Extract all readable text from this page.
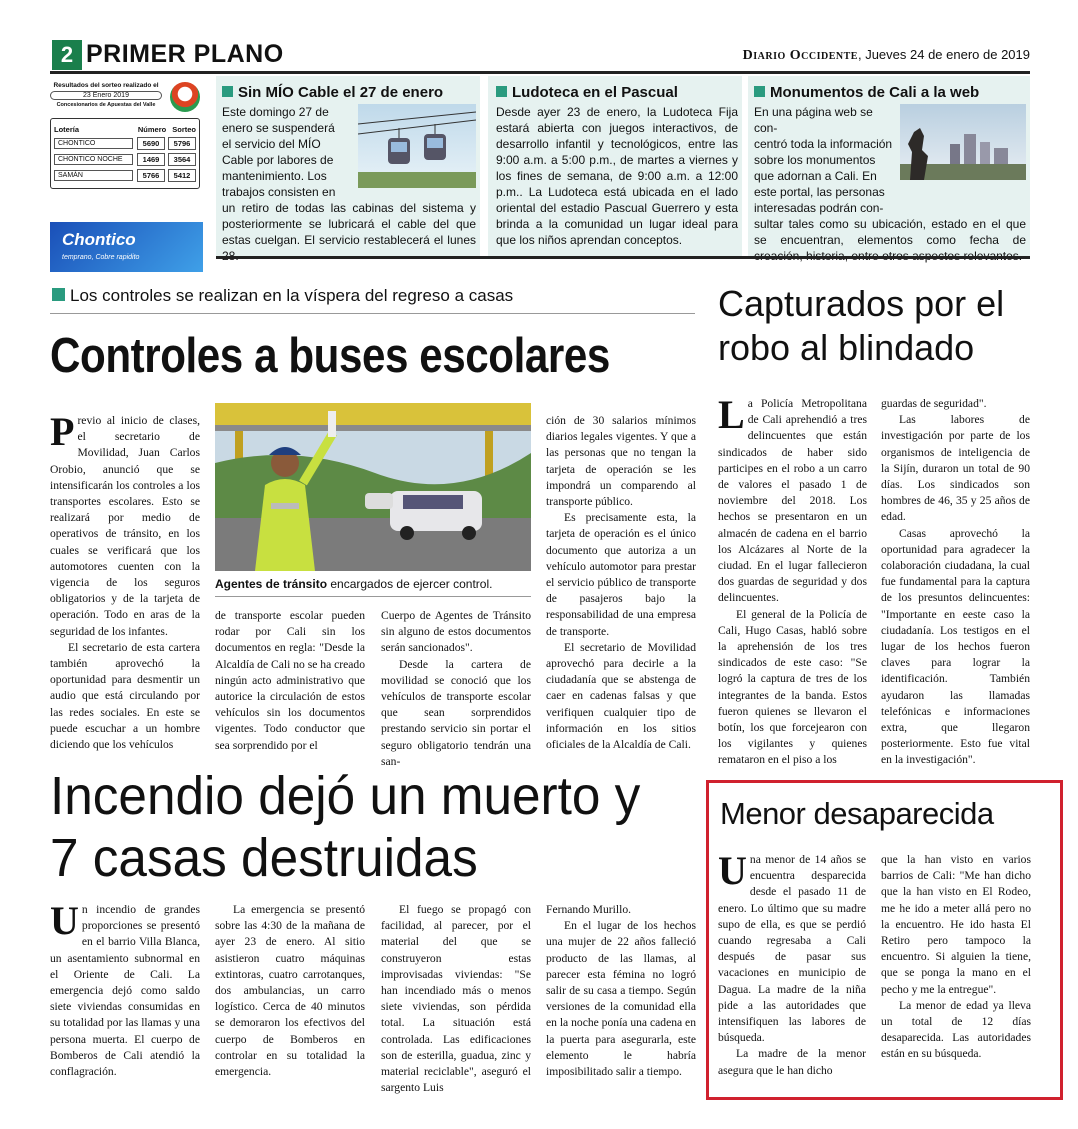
2 PRIMER PLANO	Diario Occidente, Jueves 24 de enero de 2019
Resultados del sorteo realizado el
23 Enero 2019
Concesionarios de Apuestas del Valle
Lotería	Número Sorteo
CHONTICO	5690	5796
CHONTICO NOCHE	1469	3564
SAMÁN	5766	5412
Chontico
temprano, Cobre rapidito
Sin MÍO Cable el 27 de enero

Este domingo 27 de
enero se suspenderá
el servicio del MÍO
Cable por labores de
mantenimiento. Los
trabajos consisten en

un retiro de todas las cabinas del sistema y posteriormente se lubricará el cable del que estas cuelgan. El servicio restablecerá el lunes

Ludoteca en el Pascual

Desde ayer 23 de enero, la Ludoteca Fija estará abierta con juegos interactivos, de desarrollo infantil y tecnológicos, entre las 9:00 a.m. a 5:00 p.m., de martes a viernes y los fines de semana, de 9:00 a.m. a 12:00 p.m.. La Ludoteca está ubicada en el lado oriental del estadio Pascual Guerrero y esta brinda a la comunidad un lugar ideal para que los niños aprendan conceptos.

Monumentos de Cali a la web

En una página web se con-
centró toda la información
sobre los monumentos
que adornan a Cali. En
este portal, las personas
interesadas podrán con-

sultar tales como su ubicación, estado en el que se encuentran, elementos como fecha de

Los controles se realizan en la víspera del regreso a casas
Controles a buses escolares

Previo al inicio de clases, el secretario de Movilidad, Juan Carlos Orobio, anunció que se intensificarán los controles a los transportes escolares. Esto se realizará por medio de operativos de tránsito, en los cuales se verificará que los automotores cuenten con la vigencia de los seguros obligatorios y de la tarjeta de operación. Todo en aras de la seguridad de los infantes.

El secretario de esta cartera también aprovechó la oportunidad para desmentir un audio que está circulando por las redes sociales. En este se puede escuchar a un hombre diciendo que los vehículos

Agentes de tránsito encargados de ejercer control.

de transporte escolar pueden rodar por Cali sin los documentos en regla: "Desde la Alcaldía de Cali no se ha creado ningún acto administrativo que autorice la circulación de estos vehículos sin los documentos vigentes. Todo conductor que sea sorprendido por el

Cuerpo de Agentes de Tránsito sin alguno de estos documentos serán sancionados".

Desde la cartera de movilidad se conoció que los vehículos de transporte escolar que sean sorprendidos prestando servicio sin portar el seguro obligatorio tendrán una san-

ción de 30 salarios mínimos diarios legales vigentes. Y que a las personas que no tengan la tarjeta de operación se les impondrá un comparendo al transporte público.

Es precisamente esta, la tarjeta de operación es el único documento que autoriza a un vehículo automotor para prestar el servicio público de transporte de pasajeros bajo la responsabilidad de una empresa de transporte.

El secretario de Movilidad aprovechó para decirle a la ciudadanía que se abstenga de caer en cadenas falsas y que verifiquen cualquier tipo de información en los sitios oficiales de la Alcaldía de Cali.

Capturados por el robo al blindado

La Policía Metropolitana de Cali aprehendió a tres delincuentes que están sindicados de haber sido participes en el robo a un carro de valores el pasado 1 de noviembre del 2018. Los hechos se presentaron en un almacén de cadena en el barrio los Alcázares al Norte de la ciudad. En el lugar fallecieron dos guardas de seguridad y dos delincuentes.

El general de la Policía de Cali, Hugo Casas, habló sobre la aprehensión de los tres sindicados de este caso: "Se logró la captura de tres de los integrantes de la banda. Estos fueron quienes se llevaron el botín, los que forcejearon con los vigilantes y quienes remataron en el piso a los

guardas de seguridad".

Las labores de investigación por parte de los organismos de inteligencia de la Sijín, duraron un total de 90 días. Los sindicados son hombres de 46, 35 y 25 años de edad.

Casas aprovechó la oportunidad para agradecer la colaboración ciudadana, la cual fue fundamental para la captura de los presuntos delincuentes: "Importante en eeste caso la ciudadanía. Los testigos en el lugar de los hechos fueron claves para lograr la identificación. También ayudaron las llamadas telefónicas e informaciones extra, que llegaron posteriormente. Esto fue vital en la investigación".

Incendio dejó un muerto y 7 casas destruidas

Un incendio de grandes proporciones se presentó en el barrio Villa Blanca, un asentamiento subnormal en el Oriente de Cali. La emergencia dejó como saldo siete viviendas consumidas en su totalidad por las llamas y una persona muerta. El cuerpo de Bomberos de Cali atendió la conflagración.

La emergencia se presentó sobre las 4:30 de la mañana de ayer 23 de enero. Al sitio asistieron cuatro máquinas extintoras, cuatro carrotanques, dos ambulancias, un carro logístico. Cerca de 40 minutos se demoraron los efectivos del cuerpo de Bomberos en controlar en su totalidad la emergencia.

El fuego se propagó con facilidad, al parecer, por el material del que se construyeron estas improvisadas viviendas: "Se han incendiado más o menos siete viviendas, son pérdida total. La situación está controlada. Las edificaciones son de esterilla, guadua, zinc y material reciclable", aseguró el sargento Luis

Fernando Murillo.

En el lugar de los hechos una mujer de 22 años falleció producto de las llamas, al parecer esta fémina no logró salir de su casa a tiempo. Según versiones de la comunidad ella en la noche ponía una cadena en la puerta para asegurarla, este elemento le habría imposibilitado salir a tiempo.

Menor desaparecida

Una menor de 14 años se encuentra desparecida desde el pasado 11 de enero. Lo último que su madre supo de ella, es que se perdió cuando regresaba a Cali después de pasar sus vacaciones en municipio de Dagua. La madre de la niña pide a las autoridades que intensifiquen las labores de búsqueda.

La madre de la menor asegura que le han dicho

que la han visto en varios barrios de Cali: "Me han dicho que la han visto en El Rodeo, me he ido a meter allá pero no la encuentro. He ido hasta El Retiro pero tampoco la encuentro. Si alguien la tiene, que se ponga la mano en el pecho y me la entregue".

La menor de edad ya lleva un total de 12 días desaparecida. Las autoridades están en su búsqueda.
